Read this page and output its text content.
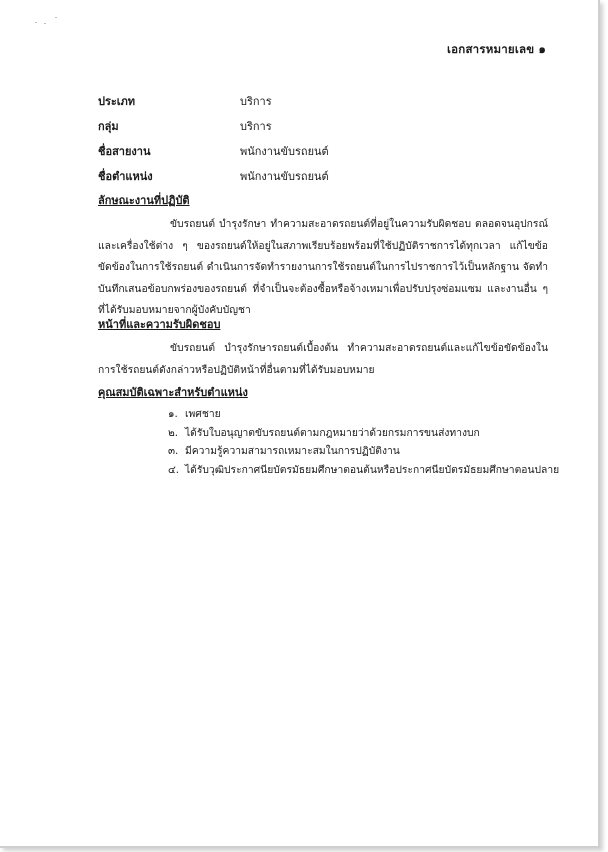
เอกสารหมายเลข ๑
ประเภท	บริการ
กลุ่ม	บริการ
ชื่อสายงาน	พนักงานขับรถยนต์
ชื่อตำแหน่ง	พนักงานขับรถยนต์
ลักษณะงานที่ปฏิบัติ
ขับรถยนต์ บำรุงรักษา ทำความสะอาดรถยนต์ที่อยู่ในความรับผิดชอบ ตลอดจนอุปกรณ์และเครื่องใช้ต่าง ๆ ของรถยนต์ให้อยู่ในสภาพเรียบร้อยพร้อมที่ใช้ปฏิบัติราชการได้ทุกเวลา แก้ไขข้อขัดข้องในการใช้รถยนต์ ดำเนินการจัดทำรายงานการใช้รถยนต์ในการไปราชการไว้เป็นหลักฐาน จัดทำบันทึกเสนอข้อบกพร่องของรถยนต์ ที่จำเป็นจะต้องซื้อหรือจ้างเหมาเพื่อปรับปรุงซ่อมแซม และงานอื่น ๆ ที่ได้รับมอบหมายจากผู้บังคับบัญชา
หน้าที่และความรับผิดชอบ
ขับรถยนต์ บำรุงรักษารถยนต์เบื้องต้น ทำความสะอาดรถยนต์และแก้ไขข้อขัดข้องในการใช้รถยนต์ดังกล่าวหรือปฏิบัติหน้าที่อื่นตามที่ได้รับมอบหมาย
คุณสมบัติเฉพาะสำหรับตำแหน่ง
๑. เพศชาย
๒. ได้รับใบอนุญาตขับรถยนต์ตามกฎหมายว่าด้วยกรมการขนส่งทางบก
๓. มีความรู้ความสามารถเหมาะสมในการปฏิบัติงาน
๔. ได้รับวุฒิประกาศนียบัตรมัธยมศึกษาตอนต้นหรือประกาศนียบัตรมัธยมศึกษาตอนปลาย
